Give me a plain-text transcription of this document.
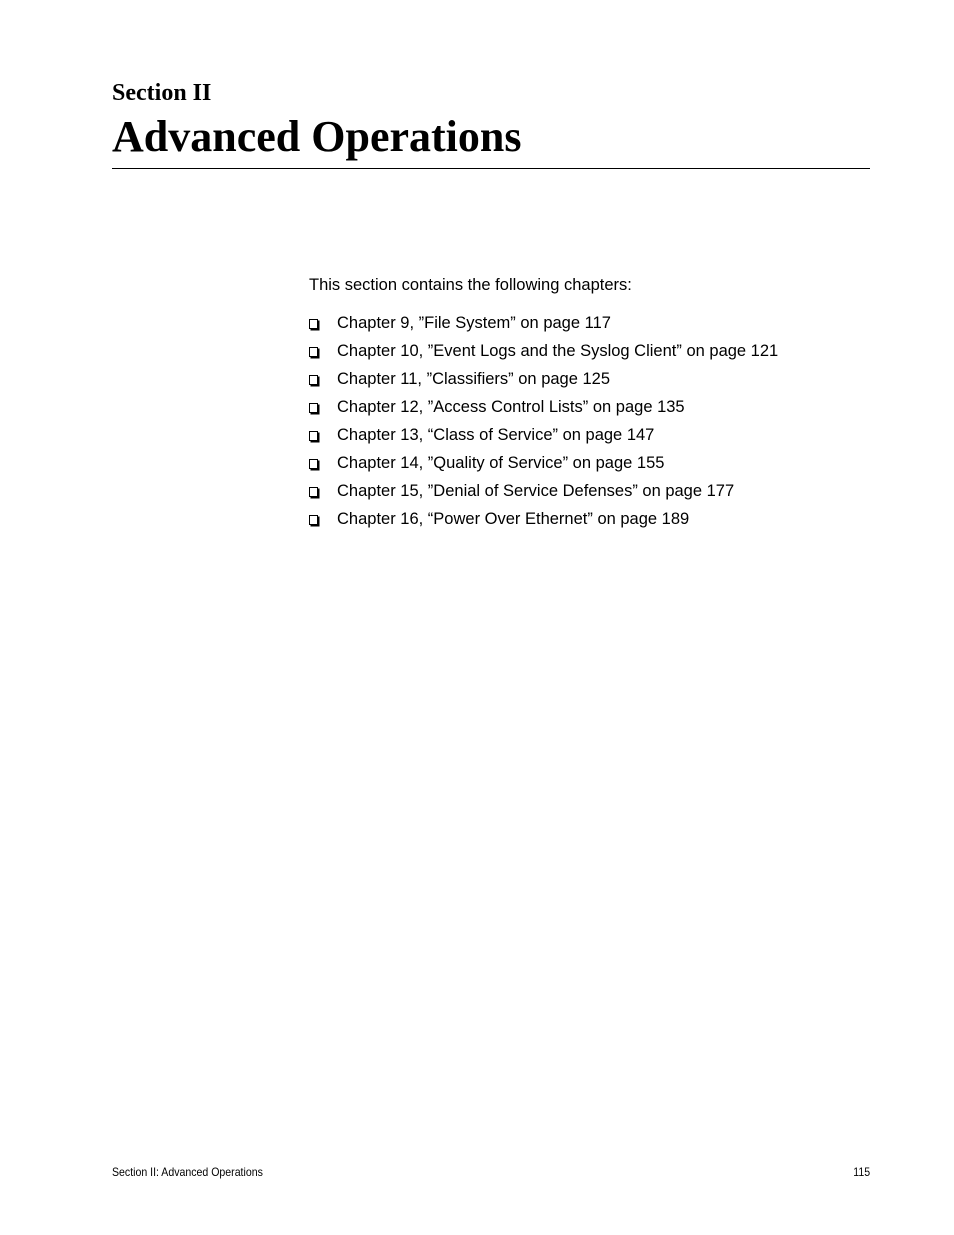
Section II
Advanced Operations

This section contains the following chapters:

Chapter 9, ”File System” on page 117
Chapter 10, ”Event Logs and the Syslog Client” on page 121
Chapter 11, ”Classifiers” on page 125
Chapter 12, ”Access Control Lists” on page 135
Chapter 13, “Class of Service” on page 147
Chapter 14, ”Quality of Service” on page 155
Chapter 15, ”Denial of Service Defenses” on page 177
Chapter 16, “Power Over Ethernet” on page 189
Section II: Advanced Operations	115
